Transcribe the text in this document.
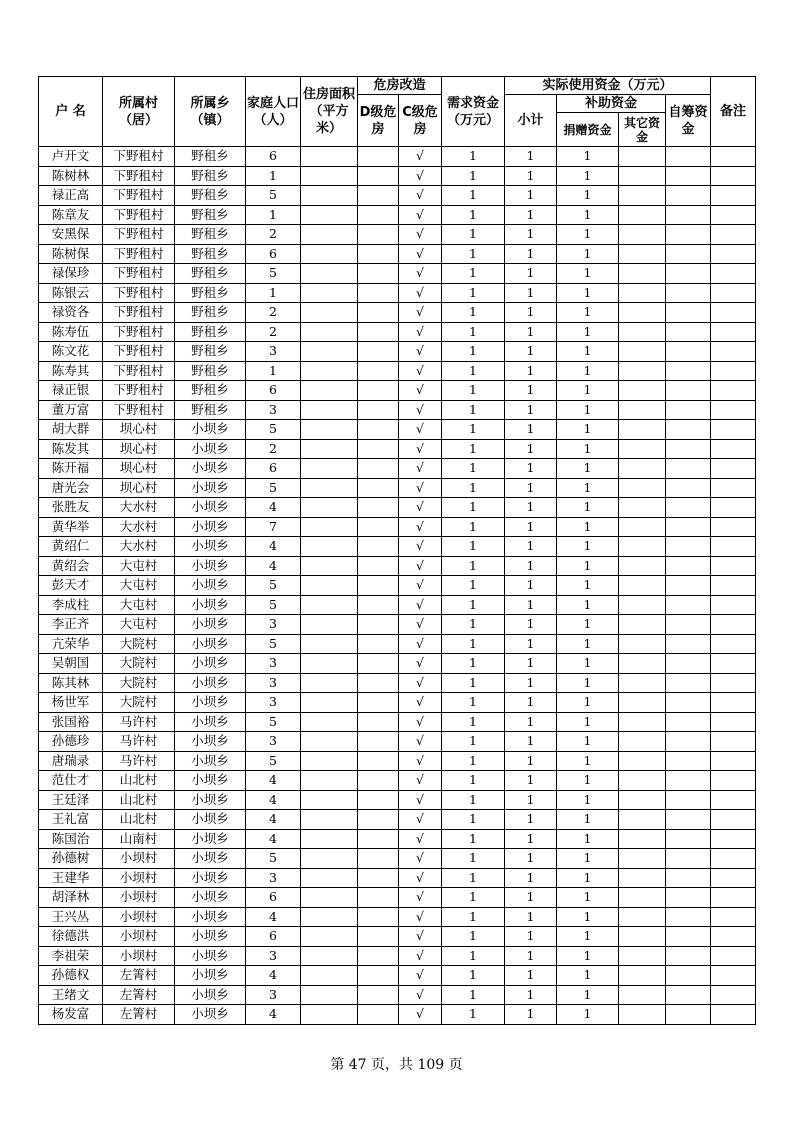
户 名	所属村（居）	所属乡（镇）	家庭人口（人）	住房面积（平方米）	危房改造		需求资金（万元）	实际使用资金（万元）				备注
					D级危房	C级危房		小计	补助资金		自筹资金	
									捐赠资金	其它资金		
卢开文	下野租村	野租乡	6			√	1	1	1			
陈树林	下野租村	野租乡	1			√	1	1	1			
禄正高	下野租村	野租乡	5			√	1	1	1			
陈章友	下野租村	野租乡	1			√	1	1	1			
安黑保	下野租村	野租乡	2			√	1	1	1			
陈树保	下野租村	野租乡	6			√	1	1	1			
禄保珍	下野租村	野租乡	5			√	1	1	1			
陈银云	下野租村	野租乡	1			√	1	1	1			
禄资各	下野租村	野租乡	2			√	1	1	1			
陈寿伍	下野租村	野租乡	2			√	1	1	1			
陈文花	下野租村	野租乡	3			√	1	1	1			
陈寿其	下野租村	野租乡	1			√	1	1	1			
禄正银	下野租村	野租乡	6			√	1	1	1			
董万富	下野租村	野租乡	3			√	1	1	1			
胡大群	坝心村	小坝乡	5			√	1	1	1			
陈发其	坝心村	小坝乡	2			√	1	1	1			
陈开福	坝心村	小坝乡	6			√	1	1	1			
唐光会	坝心村	小坝乡	5			√	1	1	1			
张胜友	大水村	小坝乡	4			√	1	1	1			
黄华举	大水村	小坝乡	7			√	1	1	1			
黄绍仁	大水村	小坝乡	4			√	1	1	1			
黄绍会	大屯村	小坝乡	4			√	1	1	1			
彭天才	大屯村	小坝乡	5			√	1	1	1			
李成柱	大屯村	小坝乡	5			√	1	1	1			
李正齐	大屯村	小坝乡	3			√	1	1	1			
亢荣华	大院村	小坝乡	5			√	1	1	1			
吴朝国	大院村	小坝乡	3			√	1	1	1			
陈其林	大院村	小坝乡	3			√	1	1	1			
杨世军	大院村	小坝乡	3			√	1	1	1			
张国裕	马许村	小坝乡	5			√	1	1	1			
孙德珍	马许村	小坝乡	3			√	1	1	1			
唐瑞录	马许村	小坝乡	5			√	1	1	1			
范仕才	山北村	小坝乡	4			√	1	1	1			
王廷泽	山北村	小坝乡	4			√	1	1	1			
王礼富	山北村	小坝乡	4			√	1	1	1			
陈国治	山南村	小坝乡	4			√	1	1	1			
孙德树	小坝村	小坝乡	5			√	1	1	1			
王建华	小坝村	小坝乡	3			√	1	1	1			
胡泽林	小坝村	小坝乡	6			√	1	1	1			
王兴丛	小坝村	小坝乡	4			√	1	1	1			
徐德洪	小坝村	小坝乡	6			√	1	1	1			
李祖荣	小坝村	小坝乡	3			√	1	1	1			
孙德权	左箐村	小坝乡	4			√	1	1	1			
王绪文	左箐村	小坝乡	3			√	1	1	1			
杨发富	左箐村	小坝乡	4			√	1	1	1			
第 47 页，共 109 页
